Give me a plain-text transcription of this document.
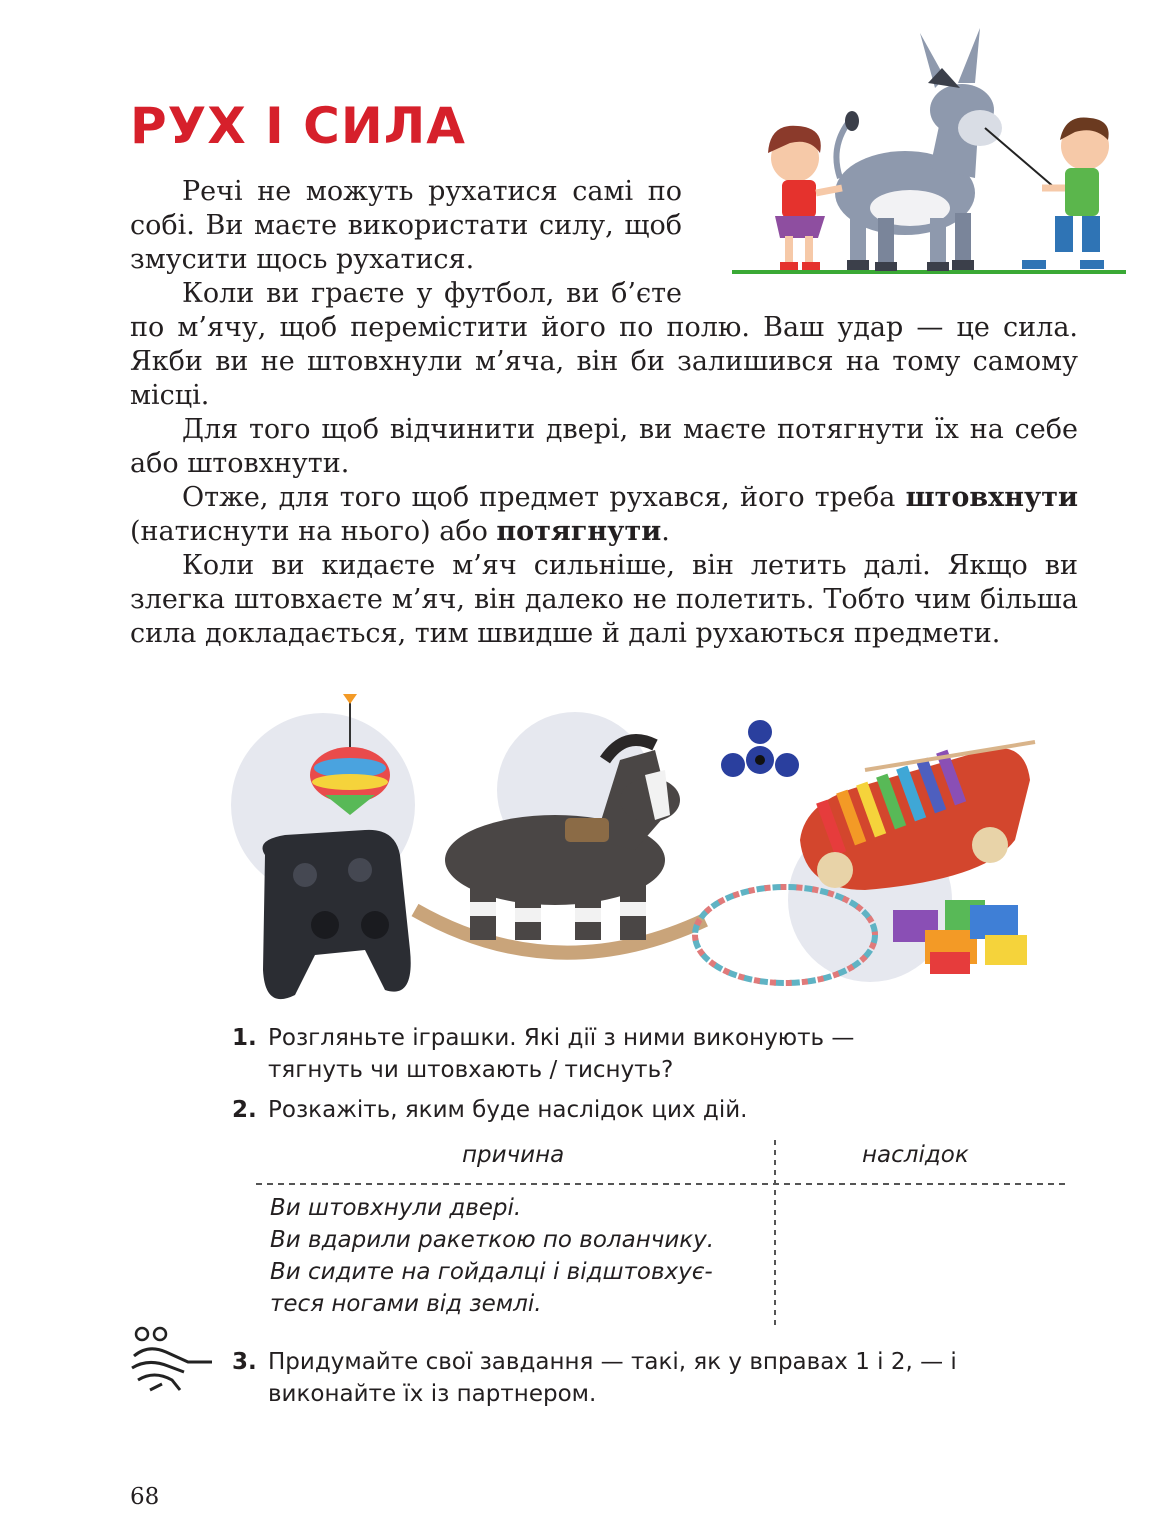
РУХ І СИЛА

Речі не можуть рухатися самі по собі. Ви маєте використати силу, щоб змусити щось рухатися.

Коли ви граєте у футбол, ви б’єте по м’ячу, щоб перемістити його по полю. Ваш удар — це сила. Якби ви не штовхнули м’яча, він би залишився на тому самому місці.

Для того щоб відчинити двері, ви маєте потягнути їх на себе або штовхнути.

Отже, для того щоб предмет рухався, його треба штовхнути (натиснути на нього) або потягнути.

Коли ви кидаєте м’яч сильніше, він летить далі. Якщо ви злегка штовхаєте м’яч, він далеко не полетить. Тобто чим більша сила докладається, тим швидше й далі рухаються предмети.

1. Розгляньте іграшки. Які дії з ними виконують — тягнуть чи штовхають / тиснуть?
2. Розкажіть, яким буде наслідок цих дій.
причина	наслідок
Ви штовхнули двері.
Ви вдарили ракеткою по воланчику.
Ви сидите на гойдалці і відштовхує-
теся ногами від землі.
3. Придумайте свої завдання — такі, як у вправах 1 і 2, — і виконайте їх із партнером.
68
